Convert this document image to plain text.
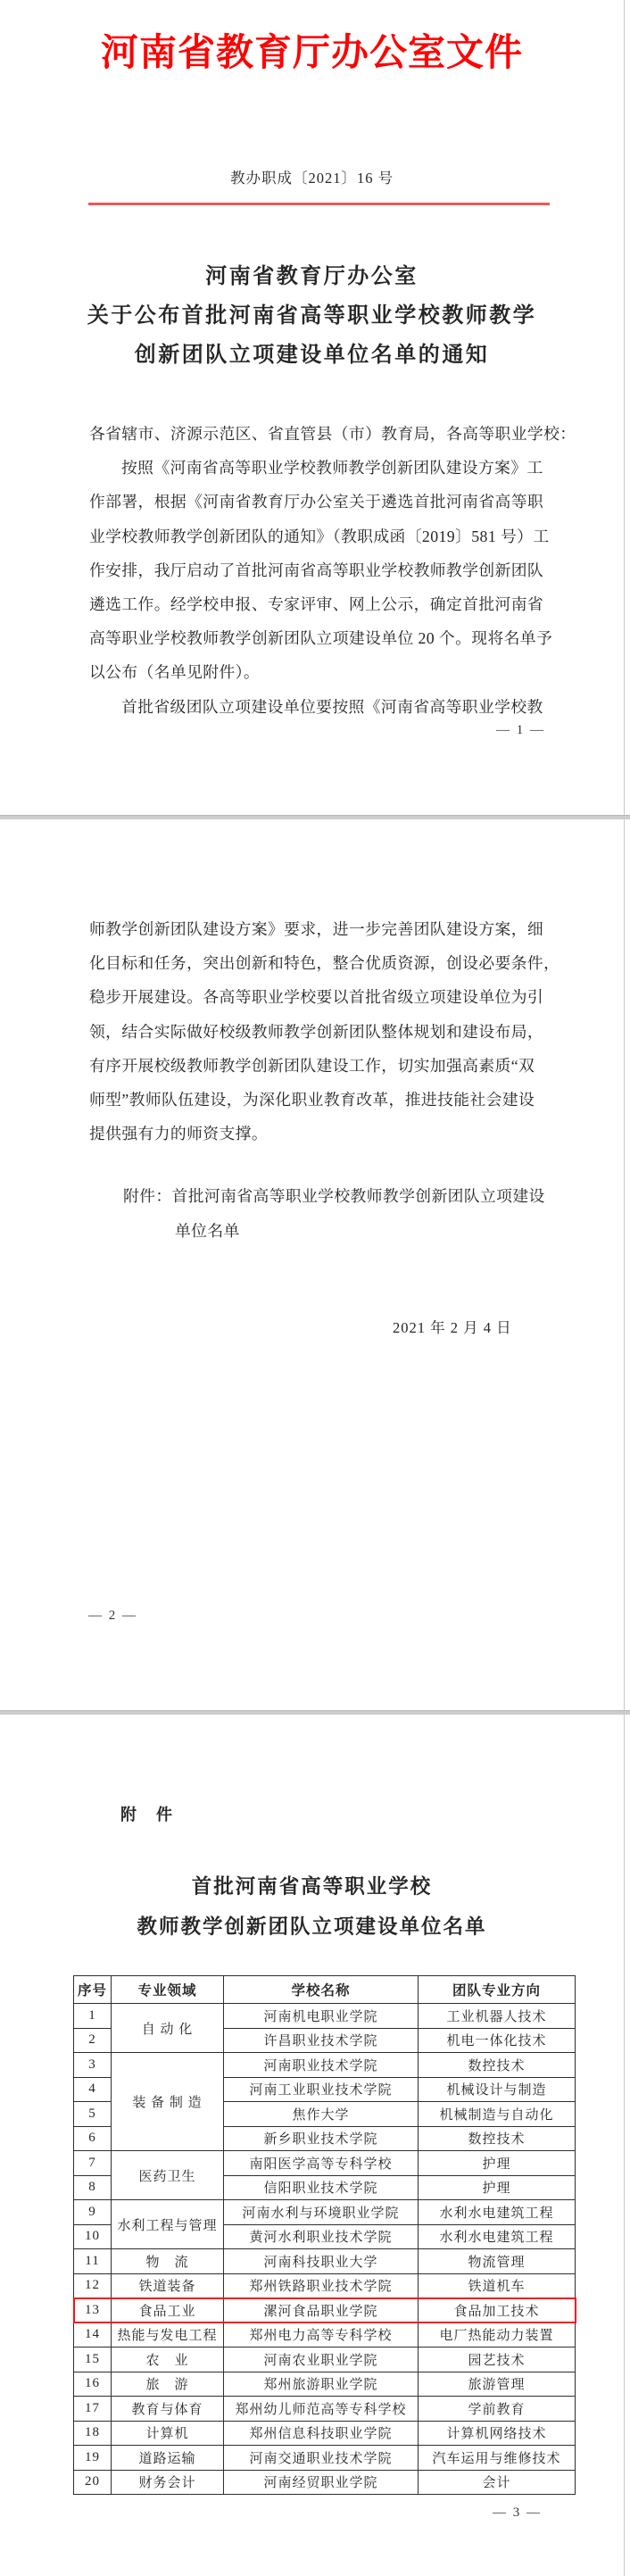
河南省教育厅办公室文件
教办职成〔2021〕16 号
河南省教育厅办公室
关于公布首批河南省高等职业学校教师教学
创新团队立项建设单位名单的通知
各省辖市、济源示范区、省直管县（市）教育局，各高等职业学校：
按照《河南省高等职业学校教师教学创新团队建设方案》工
作部署，根据《河南省教育厅办公室关于遴选首批河南省高等职
业学校教师教学创新团队的通知》（教职成函〔2019〕581 号）工
作安排，我厅启动了首批河南省高等职业学校教师教学创新团队
遴选工作。经学校申报、专家评审、网上公示，确定首批河南省
高等职业学校教师教学创新团队立项建设单位 20 个。现将名单予
以公布（名单见附件）。
首批省级团队立项建设单位要按照《河南省高等职业学校教
— 1 —
师教学创新团队建设方案》要求，进一步完善团队建设方案，细
化目标和任务，突出创新和特色，整合优质资源，创设必要条件，
稳步开展建设。各高等职业学校要以首批省级立项建设单位为引
领，结合实际做好校级教师教学创新团队整体规划和建设布局，
有序开展校级教师教学创新团队建设工作，切实加强高素质“双
师型”教师队伍建设，为深化职业教育改革，推进技能社会建设
提供强有力的师资支撑。
附件：首批河南省高等职业学校教师教学创新团队立项建设
单位名单
2021 年 2 月 4 日
— 2 —
附　件
首批河南省高等职业学校
教师教学创新团队立项建设单位名单
序号	专业领域	学校名称	团队专业方向
1	自 动 化	河南机电职业学院	工业机器人技术
2		许昌职业技术学院	机电一体化技术
3	装 备 制 造	河南职业技术学院	数控技术
4		河南工业职业技术学院	机械设计与制造
5		焦作大学	机械制造与自动化
6		新乡职业技术学院	数控技术
7	医药卫生	南阳医学高等专科学校	护理
8		信阳职业技术学院	护理
9	水利工程与管理	河南水利与环境职业学院	水利水电建筑工程
10		黄河水利职业技术学院	水利水电建筑工程
11	物　流	河南科技职业大学	物流管理
12	铁道装备	郑州铁路职业技术学院	铁道机车
13	食品工业	漯河食品职业学院	食品加工技术
14	热能与发电工程	郑州电力高等专科学校	电厂热能动力装置
15	农　业	河南农业职业学院	园艺技术
16	旅　游	郑州旅游职业学院	旅游管理
17	教育与体育	郑州幼儿师范高等专科学校	学前教育
18	计算机	郑州信息科技职业学院	计算机网络技术
19	道路运输	河南交通职业技术学院	汽车运用与维修技术
20	财务会计	河南经贸职业学院	会计
— 3 —
